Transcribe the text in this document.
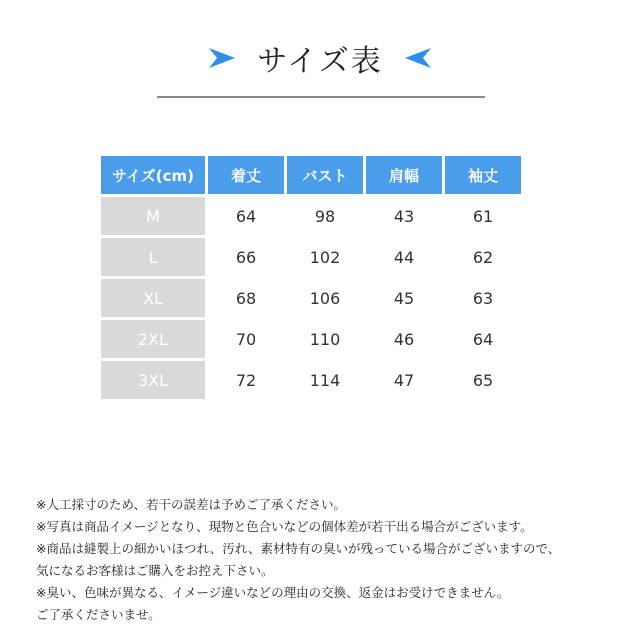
サイズ表
サイズ(cm)	着丈	バスト	肩幅	袖丈
M	64	98	43	61
L	66	102	44	62
XL	68	106	45	63
2XL	70	110	46	64
3XL	72	114	47	65

※人工採寸のため、若干の誤差は予めご了承ください。

※写真は商品イメージとなり、現物と色合いなどの個体差が若干出る場合がございます。

※商品は縫製上の細かいほつれ、汚れ、素材特有の臭いが残っている場合がございますので、

気になるお客様はご購入をお控え下さい。

※臭い、色味が異なる、イメージ違いなどの理由の交換、返金はお受けできません。

ご了承くださいませ。
